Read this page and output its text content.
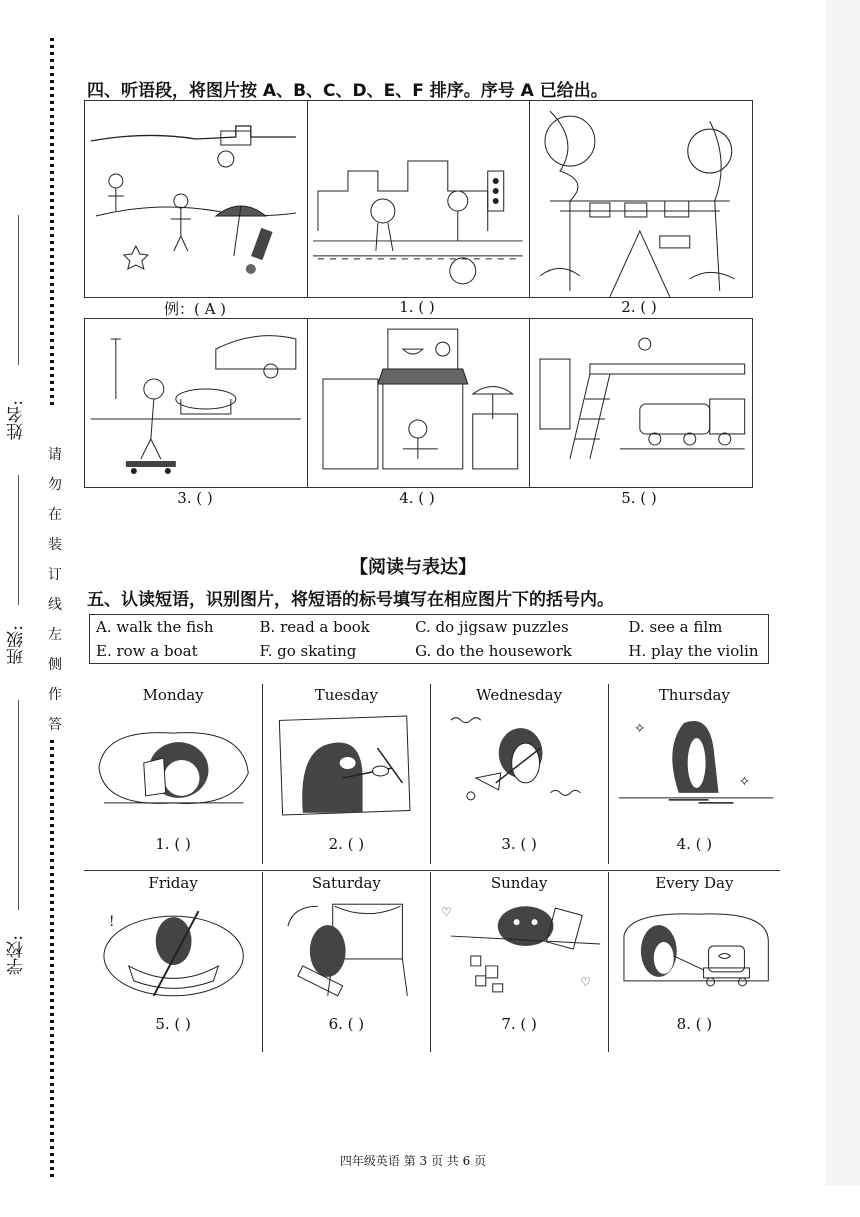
姓名:
班级:
学校:
请
勿
在
装
订
线
左
侧
作
答
四、听语段，将图片按 A、B、C、D、E、F 排序。序号 A 已给出。
例：( A )	1. ( )	2. ( )
3. ( )	4. ( )	5. ( )
【阅读与表达】
五、认读短语，识别图片，将短语的标号填写在相应图片下的括号内。
A. walk the fish	B. read a book	C. do jigsaw puzzles	D. see a film
E. row a boat	F. go skating	G. do the housework	H. play the violin
Monday
1. ( )
Tuesday
2. ( )
Wednesday
3. ( )
Thursday
✧
✧
4. ( )
Friday
!
5. ( )
Saturday
6. ( )
Sunday
♡
♡
7. ( )
Every Day
8. ( )
四年级英语 第 3 页 共 6 页
